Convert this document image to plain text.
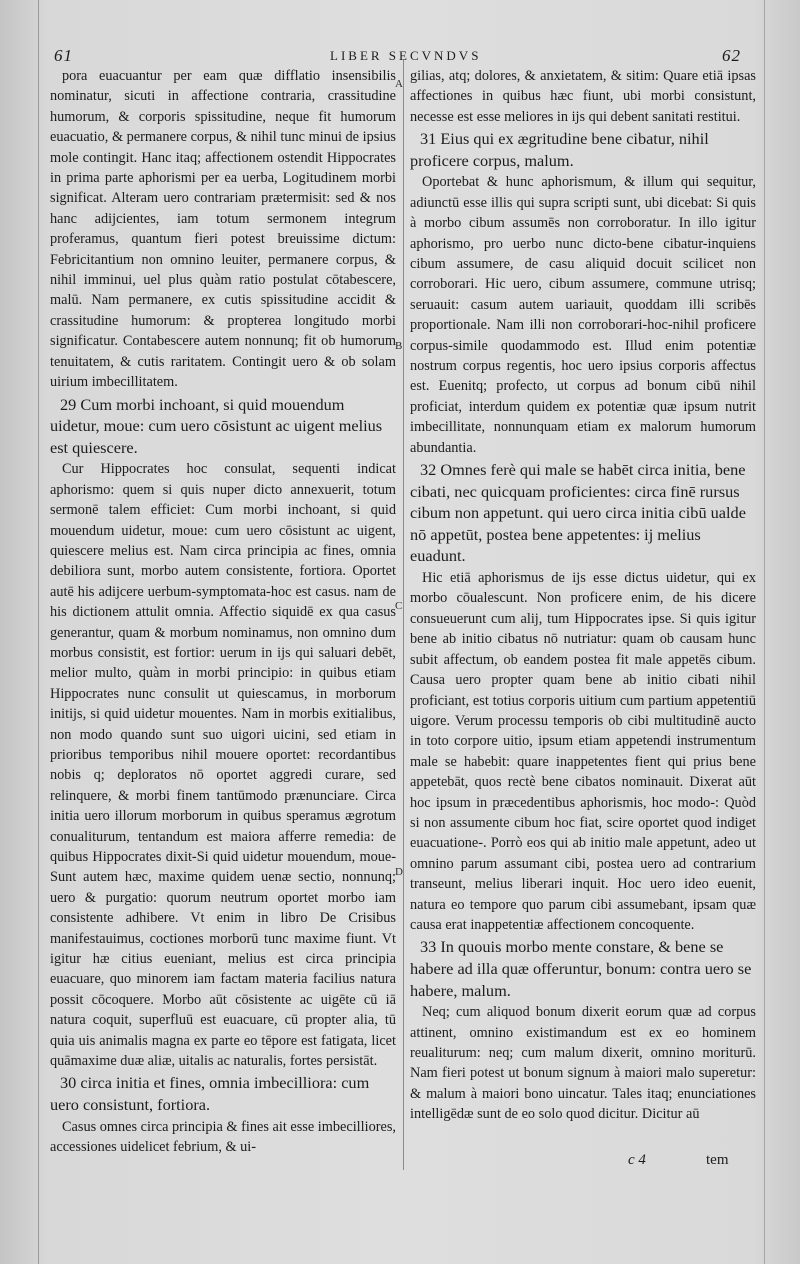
61	LIBER SECVNDVS	62
A
B
C
D

pora euacuantur per eam quæ difflatio insensibilis nominatur, sicuti in affectione contraria, crassitudine humorum, & corporis spissitudine, neque fit humorum euacuatio, & permanere corpus, & nihil tunc minui de ipsius mole contingit. Hanc itaq; affectionem ostendit Hippocrates in prima parte aphorismi per ea uerba, Logitudinem morbi significat. Alteram uero contrariam prætermisit: sed & nos hanc adijcientes, iam totum sermonem integrum proferamus, quantum fieri potest breuissime dictum: Febricitantium non omnino leuiter, permanere corpus, & nihil imminui, uel plus quàm ratio postulat cōtabescere, malū. Nam permanere, ex cutis spissitudine accidit & crassitudine humorum: & propterea longitudo morbi significatur. Contabescere autem nonnunq; fit ob humorum tenuitatem, & cutis raritatem. Contingit uero & ob solam uirium imbecillitatem.

29 Cum morbi inchoant, si quid mouendum uidetur, moue: cum uero cōsistunt ac uigent melius est quiescere.

Cur Hippocrates hoc consulat, sequenti indicat aphorismo: quem si quis nuper dicto annexuerit, totum sermonē talem efficiet: Cum morbi inchoant, si quid mouendum uidetur, moue: cum uero cōsistunt ac uigent, quiescere melius est. Nam circa principia ac fines, omnia debiliora sunt, morbo autem consistente, fortiora. Oportet autē his adijcere uerbum-symptomata-hoc est casus. nam de his dictionem attulit omnia. Affectio siquidē ex qua casus generantur, quam & morbum nominamus, non omnino dum morbus consistit, est fortior: uerum in ijs qui saluari debēt, melior multo, quàm in morbi principio: in quibus etiam Hippocrates nunc consulit ut quiescamus, in morborum initijs, si quid uidetur mouentes. Nam in morbis exitialibus, non modo quando sunt suo uigori uicini, sed etiam in prioribus temporibus nihil mouere oportet: recordantibus nobis q; deploratos nō oportet aggredi curare, sed relinquere, & morbi finem tantūmodo prænunciare. Circa initia uero illorum morborum in quibus speramus ægrotum conualiturum, tentandum est maiora afferre remedia: de quibus Hippocrates dixit-Si quid uidetur mouendum, moue-Sunt autem hæc, maxime quidem uenæ sectio, nonnunq; uero & purgatio: quorum neutrum oportet morbo iam consistente adhibere. Vt enim in libro De Crisibus manifestauimus, coctiones morborū tunc maxime fiunt. Vt igitur hæ citius eueniant, melius est circa principia euacuare, quo minorem iam factam materia facilius natura possit cōcoquere. Morbo aūt cōsistente ac uigēte cū iā natura coquit, superfluū est euacuare, cū propter alia, tū quia uis animalis magna ex parte eo tēpore est fatigata, licet quāmaxime duæ aliæ, uitalis ac naturalis, fortes persistāt.

30 circa initia et fines, omnia imbecilliora: cum uero consistunt, fortiora.

Casus omnes circa principia & fines ait esse imbecilliores, accessiones uidelicet febrium, & ui-

gilias, atq; dolores, & anxietatem, & sitim: Quare etiā ipsas affectiones in quibus hæc fiunt, ubi morbi consistunt, necesse est esse meliores in ijs qui debent sanitati restitui.

31 Eius qui ex ægritudine bene cibatur, nihil proficere corpus, malum.

Oportebat & hunc aphorismum, & illum qui sequitur, adiunctū esse illis qui supra scripti sunt, ubi dicebat: Si quis à morbo cibum assumēs non corroboratur. In illo igitur aphorismo, pro uerbo nunc dicto-bene cibatur-inquiens cibum assumere, de casu aliquid docuit scilicet non corroborari. Hic uero, cibum assumere, commune utrisq; seruauit: casum autem uariauit, quoddam illi scribēs proportionale. Nam illi non corroborari-hoc-nihil proficere corpus-simile quodammodo est. Illud enim potentiæ nostrum corpus regentis, hoc uero ipsius corporis affectus est. Euenitq; profecto, ut corpus ad bonum cibū nihil proficiat, interdum quidem ex potentiæ quæ ipsum nutrit imbecillitate, nonnunquam etiam ex malorum humorum abundantia.

32 Omnes ferè qui male se habēt circa initia, bene cibati, nec quicquam proficientes: circa finē rursus cibum non appetunt. qui uero circa initia cibū ualde nō appetūt, postea bene appetentes: ij melius euadunt.

Hic etiā aphorismus de ijs esse dictus uidetur, qui ex morbo cōualescunt. Non proficere enim, de his dicere consueuerunt cum alij, tum Hippocrates ipse. Si quis igitur bene ab initio cibatus nō nutriatur: quam ob causam hunc subit affectum, ob eandem postea fit male appetēs cibum. Causa uero propter quam bene ab initio cibati nihil proficiant, est totius corporis uitium cum partium appetentiū uigore. Verum processu temporis ob cibi multitudinē aucto in toto corpore uitio, ipsum etiam appetendi instrumentum male se habebit: quare inappetentes fient qui prius bene appetebāt, quos rectè bene cibatos nominauit. Dixerat aūt hoc ipsum in præcedentibus aphorismis, hoc modo-: Quòd si non assumente cibum hoc fiat, scire oportet quod indiget euacuatione-. Porrò eos qui ab initio male appetunt, adeo ut omnino parum assumant cibi, postea uero ad contrarium transeunt, melius liberari inquit. Hoc uero ideo euenit, natura eo tempore quo parum cibi assumebant, ipsam quæ causa erat inappetentiæ affectionem concoquente.

33 In quouis morbo mente constare, & bene se habere ad illa quæ offeruntur, bonum: contra uero se habere, malum.

Neq; cum aliquod bonum dixerit eorum quæ ad corpus attinent, omnino existimandum est ex eo hominem reualiturum: neq; cum malum dixerit, omnino moriturū. Nam fieri potest ut bonum signum à maiori malo superetur: & malum à maiori bono uincatur. Tales itaq; enunciationes intelligēdæ sunt de eo solo quod dicitur. Dicitur aū

c 4	tem
